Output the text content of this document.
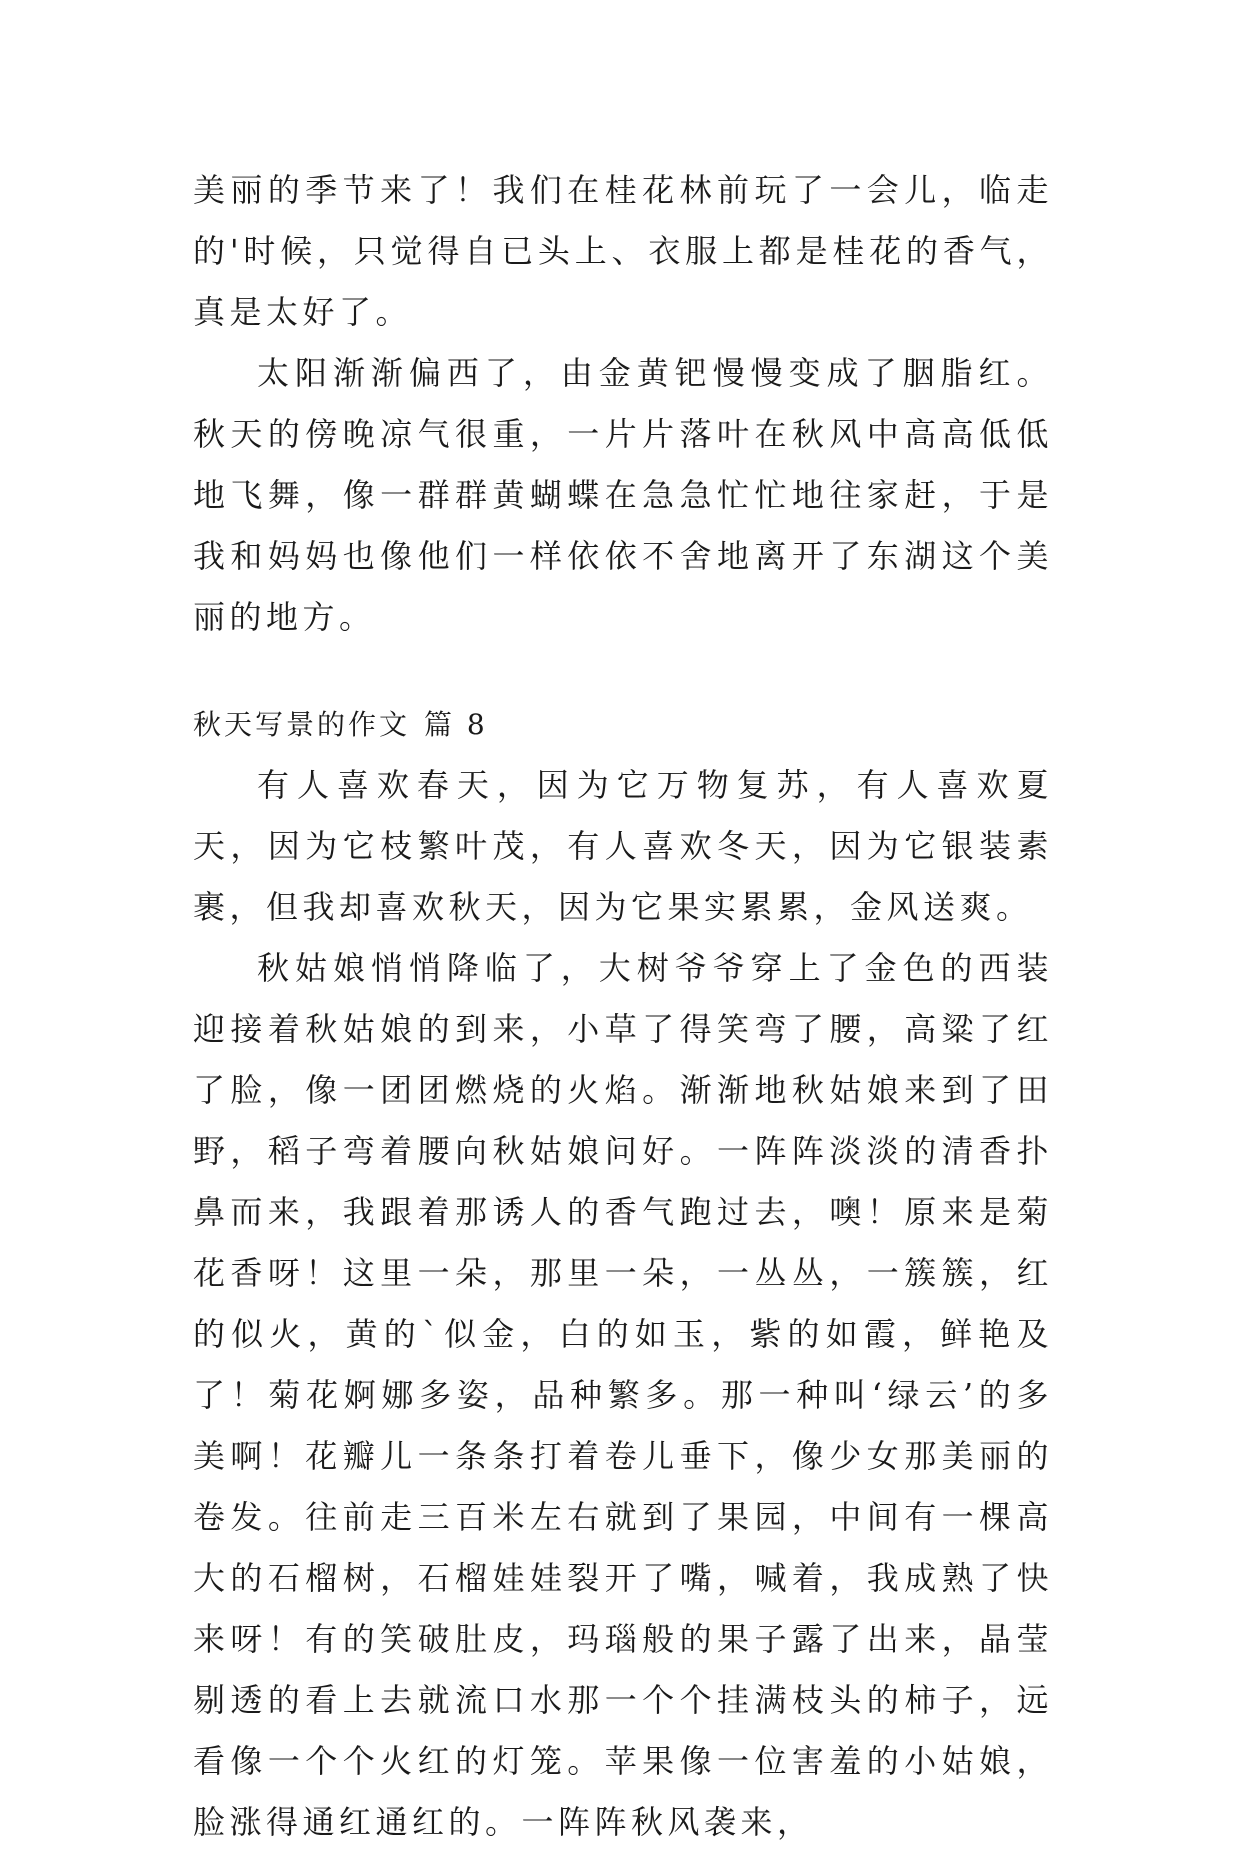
美丽的季节来了！我们在桂花林前玩了一会儿，临走的'时候，只觉得自已头上、衣服上都是桂花的香气，真是太好了。

太阳渐渐偏西了，由金黄钯慢慢变成了胭脂红。秋天的傍晚凉气很重，一片片落叶在秋风中高高低低地飞舞，像一群群黄蝴蝶在急急忙忙地往家赶，于是我和妈妈也像他们一样依依不舍地离开了东湖这个美丽的地方。

秋天写景的作文 篇 8

有人喜欢春天，因为它万物复苏，有人喜欢夏天，因为它枝繁叶茂，有人喜欢冬天，因为它银装素裹，但我却喜欢秋天，因为它果实累累，金风送爽。

秋姑娘悄悄降临了，大树爷爷穿上了金色的西装迎接着秋姑娘的到来，小草了得笑弯了腰，高粱了红了脸，像一团团燃烧的火焰。渐渐地秋姑娘来到了田野，稻子弯着腰向秋姑娘问好。一阵阵淡淡的清香扑鼻而来，我跟着那诱人的香气跑过去，噢！原来是菊花香呀！这里一朵，那里一朵，一丛丛，一簇簇，红的似火，黄的`似金，白的如玉，紫的如霞，鲜艳及了！菊花婀娜多姿，品种繁多。那一种叫‘绿云’的多美啊！花瓣儿一条条打着卷儿垂下，像少女那美丽的卷发。往前走三百米左右就到了果园，中间有一棵高大的石榴树，石榴娃娃裂开了嘴，喊着，我成熟了快来呀！有的笑破肚皮，玛瑙般的果子露了出来，晶莹剔透的看上去就流口水那一个个挂满枝头的柿子，远看像一个个火红的灯笼。苹果像一位害羞的小姑娘，脸涨得通红通红的。一阵阵秋风袭来，
